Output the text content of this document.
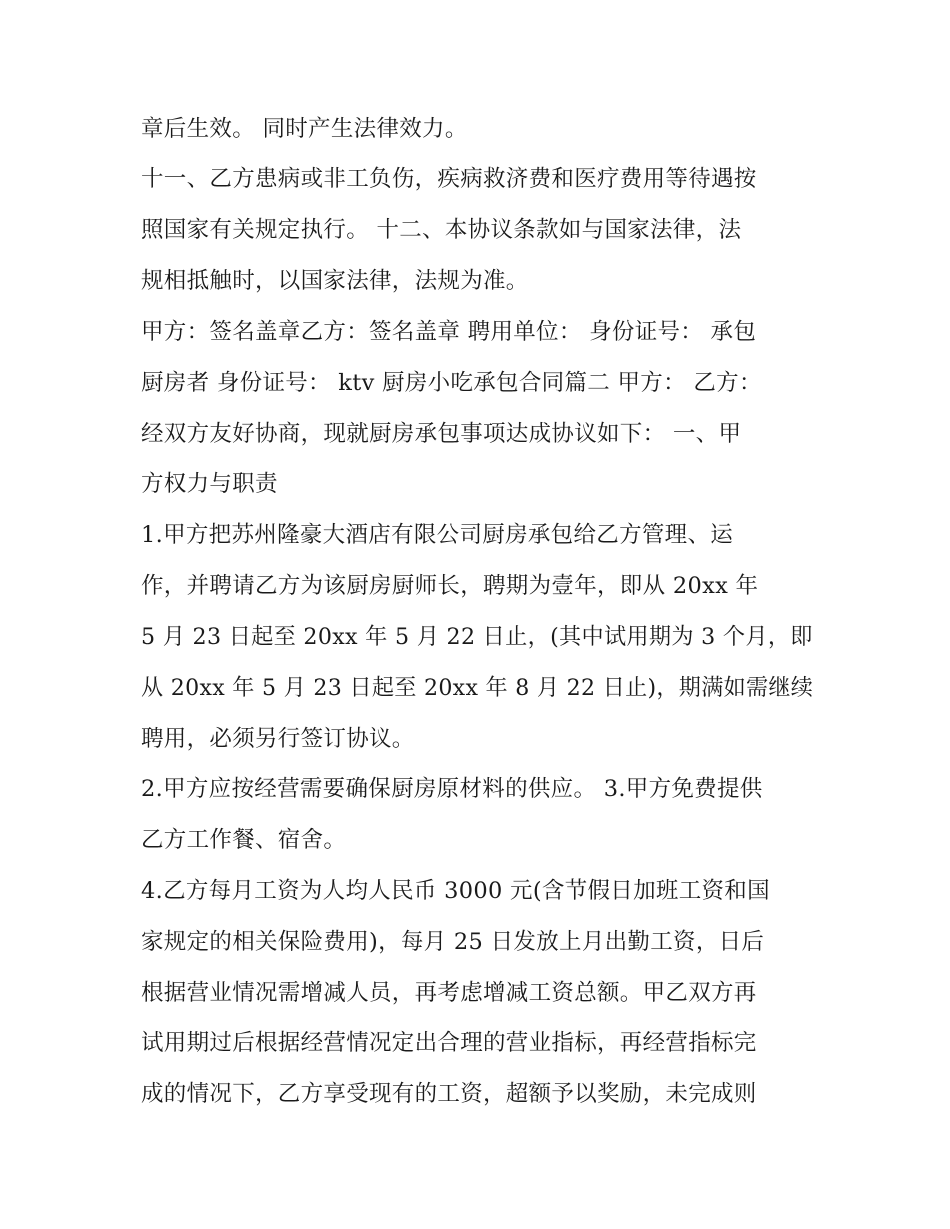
章后生效。 同时产生法律效力。
十一、乙方患病或非工负伤，疾病救济费和医疗费用等待遇按
照国家有关规定执行。 十二、本协议条款如与国家法律，法
规相抵触时，以国家法律，法规为准。
甲方：签名盖章乙方：签名盖章 聘用单位： 身份证号： 承包
厨房者 身份证号： ktv 厨房小吃承包合同篇二 甲方： 乙方：
经双方友好协商，现就厨房承包事项达成协议如下： 一、甲
方权力与职责
1.甲方把苏州隆豪大酒店有限公司厨房承包给乙方管理、运
作，并聘请乙方为该厨房厨师长，聘期为壹年，即从 20xx 年
5 月 23 日起至 20xx 年 5 月 22 日止，(其中试用期为 3 个月，即
从 20xx 年 5 月 23 日起至 20xx 年 8 月 22 日止)，期满如需继续
聘用，必须另行签订协议。
2.甲方应按经营需要确保厨房原材料的供应。 3.甲方免费提供
乙方工作餐、宿舍。
4.乙方每月工资为人均人民币 3000 元(含节假日加班工资和国
家规定的相关保险费用)，每月 25 日发放上月出勤工资，日后
根据营业情况需增减人员，再考虑增减工资总额。甲乙双方再
试用期过后根据经营情况定出合理的营业指标，再经营指标完
成的情况下，乙方享受现有的工资，超额予以奖励，未完成则
